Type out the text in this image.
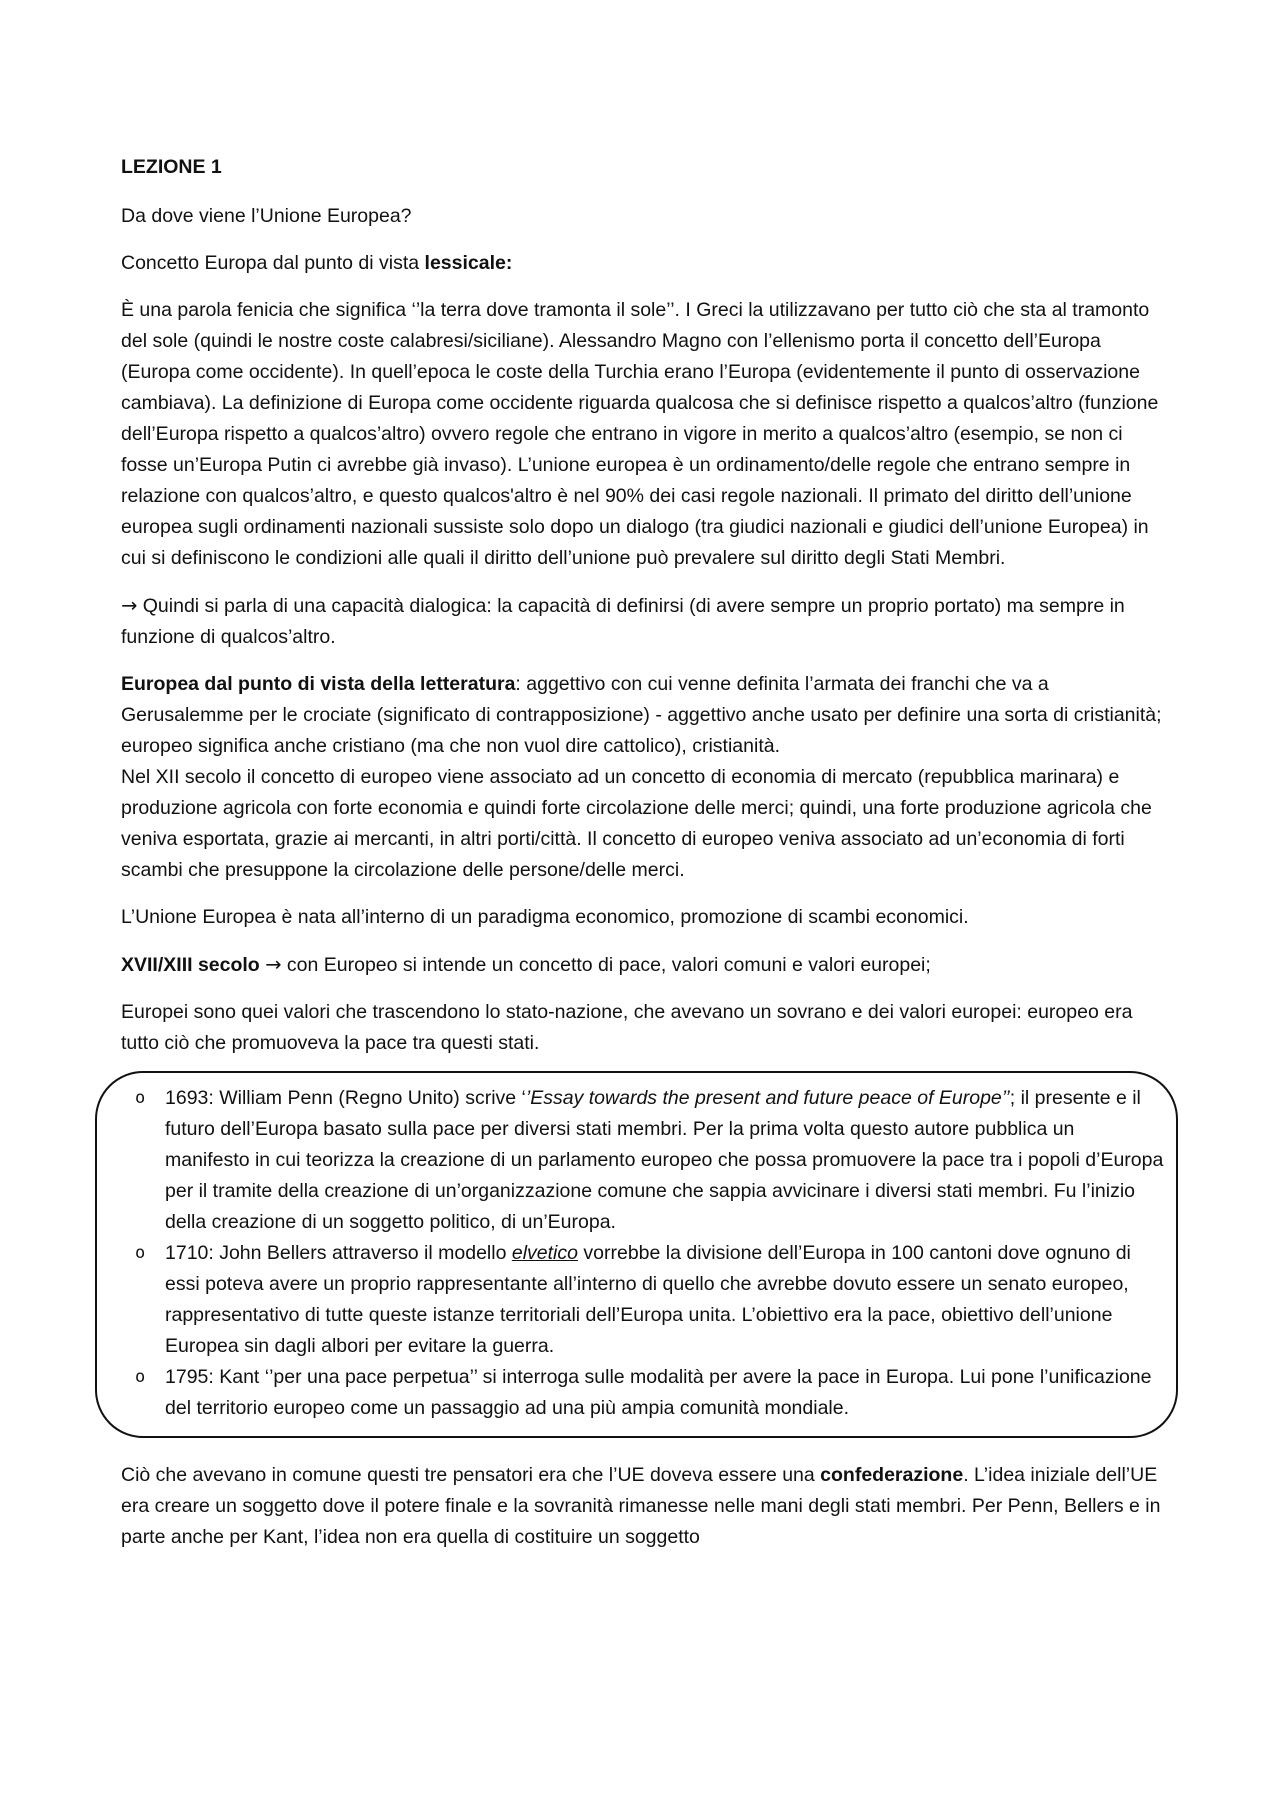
LEZIONE 1

Da dove viene l’Unione Europea?

Concetto Europa dal punto di vista lessicale:

È una parola fenicia che significa ‘’la terra dove tramonta il sole’’. I Greci la utilizzavano per tutto ciò che sta al tramonto del sole (quindi le nostre coste calabresi/siciliane). Alessandro Magno con l’ellenismo porta il concetto dell’Europa (Europa come occidente). In quell’epoca le coste della Turchia erano l’Europa (evidentemente il punto di osservazione cambiava). La definizione di Europa come occidente riguarda qualcosa che si definisce rispetto a qualcos’altro (funzione dell’Europa rispetto a qualcos’altro) ovvero regole che entrano in vigore in merito a qualcos’altro (esempio, se non ci fosse un’Europa Putin ci avrebbe già invaso). L’unione europea è un ordinamento/delle regole che entrano sempre in relazione con qualcos’altro, e questo qualcos'altro è nel 90% dei casi regole nazionali. Il primato del diritto dell’unione europea sugli ordinamenti nazionali sussiste solo dopo un dialogo (tra giudici nazionali e giudici dell’unione Europea) in cui si definiscono le condizioni alle quali il diritto dell’unione può prevalere sul diritto degli Stati Membri.

→ Quindi si parla di una capacità dialogica: la capacità di definirsi (di avere sempre un proprio portato) ma sempre in funzione di qualcos’altro.

Europea dal punto di vista della letteratura: aggettivo con cui venne definita l’armata dei franchi che va a Gerusalemme per le crociate (significato di contrapposizione) - aggettivo anche usato per definire una sorta di cristianità; europeo significa anche cristiano (ma che non vuol dire cattolico), cristianità.
Nel XII secolo il concetto di europeo viene associato ad un concetto di economia di mercato (repubblica marinara) e produzione agricola con forte economia e quindi forte circolazione delle merci; quindi, una forte produzione agricola che veniva esportata, grazie ai mercanti, in altri porti/città. Il concetto di europeo veniva associato ad un’economia di forti scambi che presuppone la circolazione delle persone/delle merci.

L’Unione Europea è nata all’interno di un paradigma economico, promozione di scambi economici.

XVII/XIII secolo → con Europeo si intende un concetto di pace, valori comuni e valori europei;

Europei sono quei valori che trascendono lo stato-nazione, che avevano un sovrano e dei valori europei: europeo era tutto ciò che promuoveva la pace tra questi stati.

o	1693: William Penn (Regno Unito) scrive ‘’Essay towards the present and future peace of Europe’’; il presente e il futuro dell’Europa basato sulla pace per diversi stati membri. Per la prima volta questo autore pubblica un manifesto in cui teorizza la creazione di un parlamento europeo che possa promuovere la pace tra i popoli d’Europa per il tramite della creazione di un’organizzazione comune che sappia avvicinare i diversi stati membri. Fu l’inizio della creazione di un soggetto politico, di un’Europa.
o	1710: John Bellers attraverso il modello elvetico vorrebbe la divisione dell’Europa in 100 cantoni dove ognuno di essi poteva avere un proprio rappresentante all’interno di quello che avrebbe dovuto essere un senato europeo, rappresentativo di tutte queste istanze territoriali dell’Europa unita. L’obiettivo era la pace, obiettivo dell’unione Europea sin dagli albori per evitare la guerra.
o	1795: Kant ‘’per una pace perpetua’’ si interroga sulle modalità per avere la pace in Europa. Lui pone l’unificazione del territorio europeo come un passaggio ad una più ampia comunità mondiale.

Ciò che avevano in comune questi tre pensatori era che l’UE doveva essere una confederazione. L’idea iniziale dell’UE era creare un soggetto dove il potere finale e la sovranità rimanesse nelle mani degli stati membri. Per Penn, Bellers e in parte anche per Kant, l’idea non era quella di costituire un soggetto
